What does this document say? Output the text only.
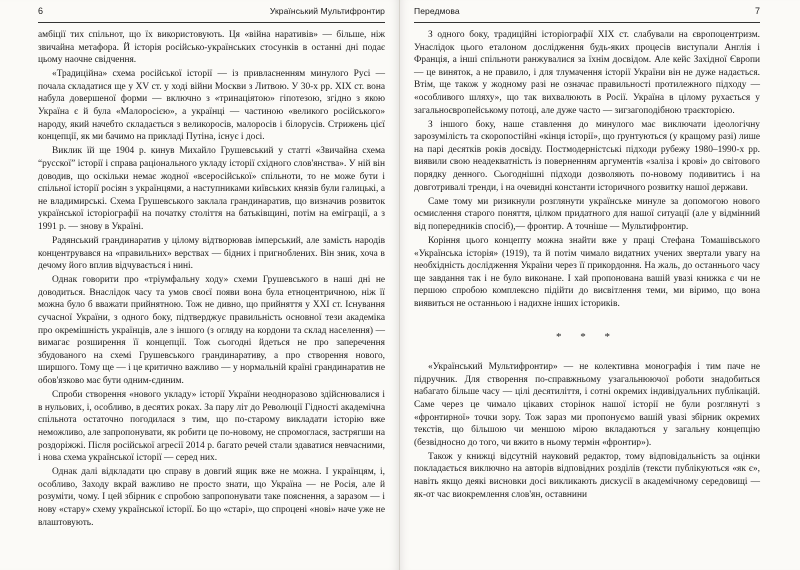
6	Український Мультифронтир

амбіції тих спільнот, що їх використовують. Ця «війна наративів» — більше, ніж звичайна метафора. Й історія російсько-українських стосунків в останні дні подає цьому наочне свідчення.

«Традиційна» схема російської історії — із привласненням минулого Русі — почала складатися ще у XV ст. у ході війни Москви з Литвою. У 30-х рр. XIX ст. вона набула довершеної форми — включно з «тринаціятою» гіпотезою, згідно з якою Україна є й була «Малоросією», а українці — частиною «великого російського» народу, який начебто складається з великоросів, малоросів і білорусів. Стрижень цієї концепції, як ми бачимо на прикладі Путіна, існує і досі.

Виклик їй ще 1904 р. кинув Михайло Грушевський у статті «Звичайна схема “русскої” історії і справа раціонального укладу історії східного слов'янства». У ній він доводив, що оскільки немає жодної «всеросійської» спільноти, то не може бути і спільної історії росіян з українцями, а наступниками київських князів були галицькі, а не владимирські. Схема Грушевського заклала грандинаратив, що визначив розвиток української історіографії на початку століття на батьківщині, потім на еміграції, а з 1991 р. — знову в Україні.

Радянський грандинаратив у цілому відтворював імперський, але замість народів концентрувався на «правильних» верствах — бідних і пригноблених. Він зник, хоча в дечому його вплив відчувається і нині.

Однак говорити про «тріумфальну ходу» схеми Грушевського в наші дні не доводиться. Внаслідок часу та умов своєї появи вона була етноцентричною, ніж її можна було б вважати прийнятною. Тож не дивно, що прийняття у XXI ст. Існування сучасної України, з одного боку, підтверджує правильність основної тези академіка про окремішність українців, але з іншого (з огляду на кордони та склад населення) — вимагає розширення її концепції. Тож сьогодні йдеться не про заперечення збудованого на схемі Грушевського грандинаративу, а про створення нового, ширшого. Тому ще — і це критично важливо — у нормальній країні грандинаратив не обов'язково має бути одним-єдиним.

Спроби створення «нового укладу» історії України неодноразово здійснювалися і в нульових, і, особливо, в десятих роках. За пару літ до Революції Гідності академічна спільнота остаточно погодилася з тим, що по-старому викладати історію вже неможливо, але запропонувати, як робити це по-новому, не спромоглася, застрягши на роздоріжжі. Після російської агресії 2014 р. багато речей стали здаватися невчасними, і нова схема української історії — серед них.

Однак далі відкладати цю справу в довгий ящик вже не можна. І українцям, і, особливо, Заходу вкрай важливо не просто знати, що Україна — не Росія, але й розуміти, чому. І цей збірник є спробою запропонувати таке пояснення, а заразом — і нову «стару» схему української історії. Бо що «старі», що спроцені «нові» наче уже не влаштовують.

Передмова	7

З одного боку, традиційні історіографії XIX ст. слабували на європоцентризм. Унаслідок цього еталоном дослідження будь-яких процесів виступали Англія і Франція, а інші спільноти ранжувалися за їхнім досвідом. Але кейс Західної Європи — це виняток, а не правило, і для тлумачення історії України він не дуже надається. Втім, ще також у жодному разі не означає правильності протилежного підходу — «особливого шляху», що так вихвалюють в Росії. Україна в цілому рухається у загальноєвропейському потоці, але дуже часто — зигзагоподібною траєкторією.

З іншого боку, наше ставлення до минулого має виключати ідеологічну зарозумілість та скоропостійні «кінця історії», що ґрунтуються (у кращому разі) лише на парі десятків років досвіду. Постмодерністські підходи рубежу 1980–1990-х рр. виявили свою неадекватність із поверненням аргументів «заліза і крові» до світового порядку денного. Сьогоднішні підходи дозволяють по-новому подивитись і на довготривалі тренди, і на очевидні константи історичного розвитку нашої держави.

Саме тому ми ризикнули розглянути українське минуле за допомогою нового осмислення старого поняття, цілком придатного для нашої ситуації (але у відмінний від попередників спосіб),— фронтир. А точніше — Мультифронтир.

Коріння цього концепту можна знайти вже у праці Стефана Томашівського «Українська історія» (1919), та й потім чимало видатних учених звертали увагу на необхідність дослідження України через її прикордоння. На жаль, до останнього часу ще завдання так і не було виконане. І хай пропонована вашій увазі книжка є чи не першою спробою комплексно підійти до висвітлення теми, ми віримо, що вона виявиться не останньою і надихне інших істориків.

* * *

«Український Мультифронтир» — не колективна монографія і тим паче не підручник. Для створення по-справжньому узагальнюючої роботи знадобиться набагато більше часу — цілі десятиліття, і сотні окремих індивідуальних публікацій. Саме через це чимало цікавих сторінок нашої історії не були розглянуті з «фронтирної» точки зору. Тож зараз ми пропонуємо вашій увазі збірник окремих текстів, що більшою чи меншою мірою вкладаються у загальну концепцію (безвідносно до того, чи вжито в ньому термін «фронтир»).

Також у книжці відсутній науковий редактор, тому відповідальність за оцінки покладається виключно на авторів відповідних розділів (тексти публікуються «як є», навіть якщо деякі висновки досі викликають дискусії в академічному середовищі — як-от час виокремлення слов'ян, оставнини
